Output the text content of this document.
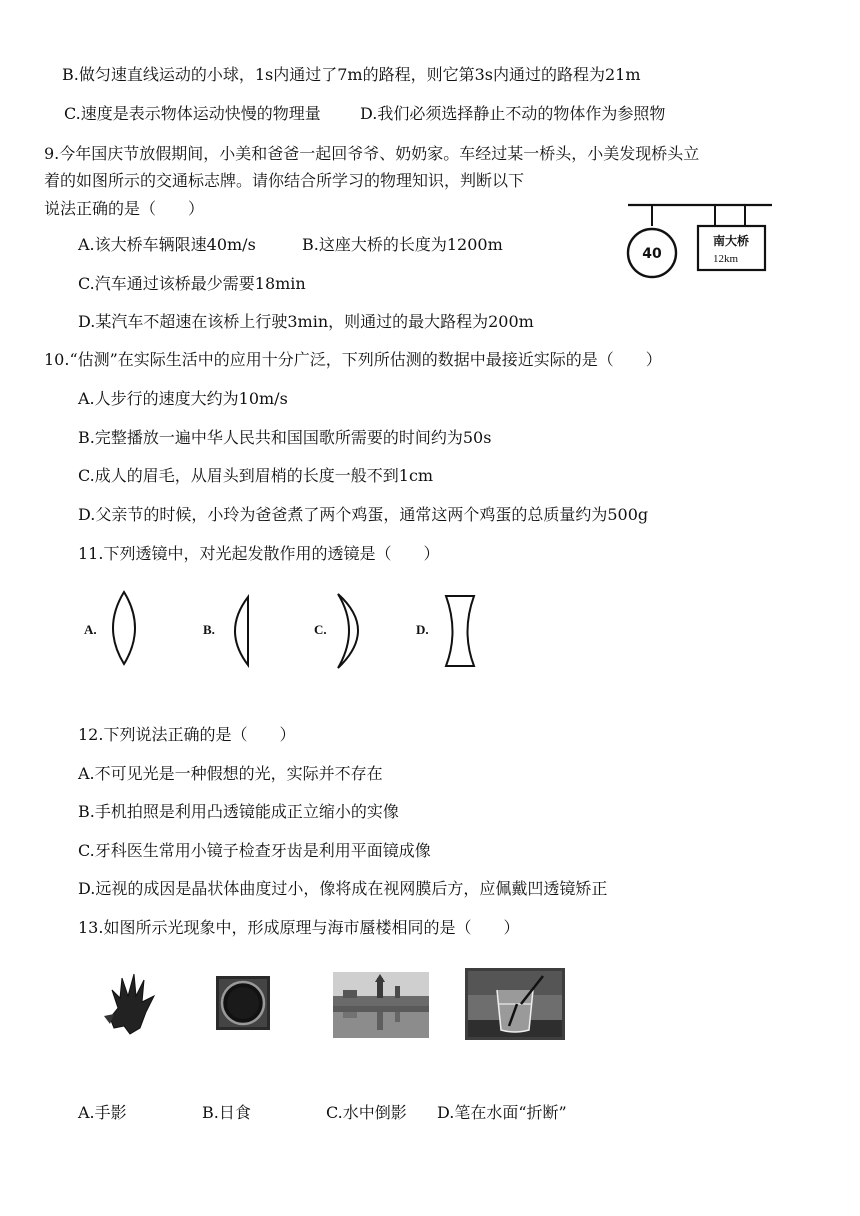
B.做匀速直线运动的小球，1s内通过了7m的路程，则它第3s内通过的路程为21m
C.速度是表示物体运动快慢的物理量 D.我们必须选择静止不动的物体作为参照物
9.今年国庆节放假期间，小美和爸爸一起回爷爷、奶奶家。车经过某一桥头，小美发现桥头立
着的如图所示的交通标志牌。请你结合所学习的物理知识，判断以下
说法正确的是（　　）
A.该大桥车辆限速40m/s	B.这座大桥的长度为1200m
C.汽车通过该桥最少需要18min
D.某汽车不超速在该桥上行驶3min，则通过的最大路程为200m
40
南大桥
12km
10.“估测”在实际生活中的应用十分广泛，下列所估测的数据中最接近实际的是（　　）
A.人步行的速度大约为10m/s
B.完整播放一遍中华人民共和国国歌所需要的时间约为50s
C.成人的眉毛，从眉头到眉梢的长度一般不到1cm
D.父亲节的时候，小玲为爸爸煮了两个鸡蛋，通常这两个鸡蛋的总质量约为500g
11.下列透镜中，对光起发散作用的透镜是（　　）
A.	B.	C.	D.
12.下列说法正确的是（　　）
A.不可见光是一种假想的光，实际并不存在
B.手机拍照是利用凸透镜能成正立缩小的实像
C.牙科医生常用小镜子检查牙齿是利用平面镜成像
D.远视的成因是晶状体曲度过小，像将成在视网膜后方，应佩戴凹透镜矫正
13.如图所示光现象中，形成原理与海市蜃楼相同的是（　　）
A.手影	B.日食	C.水中倒影 D.笔在水面“折断”
